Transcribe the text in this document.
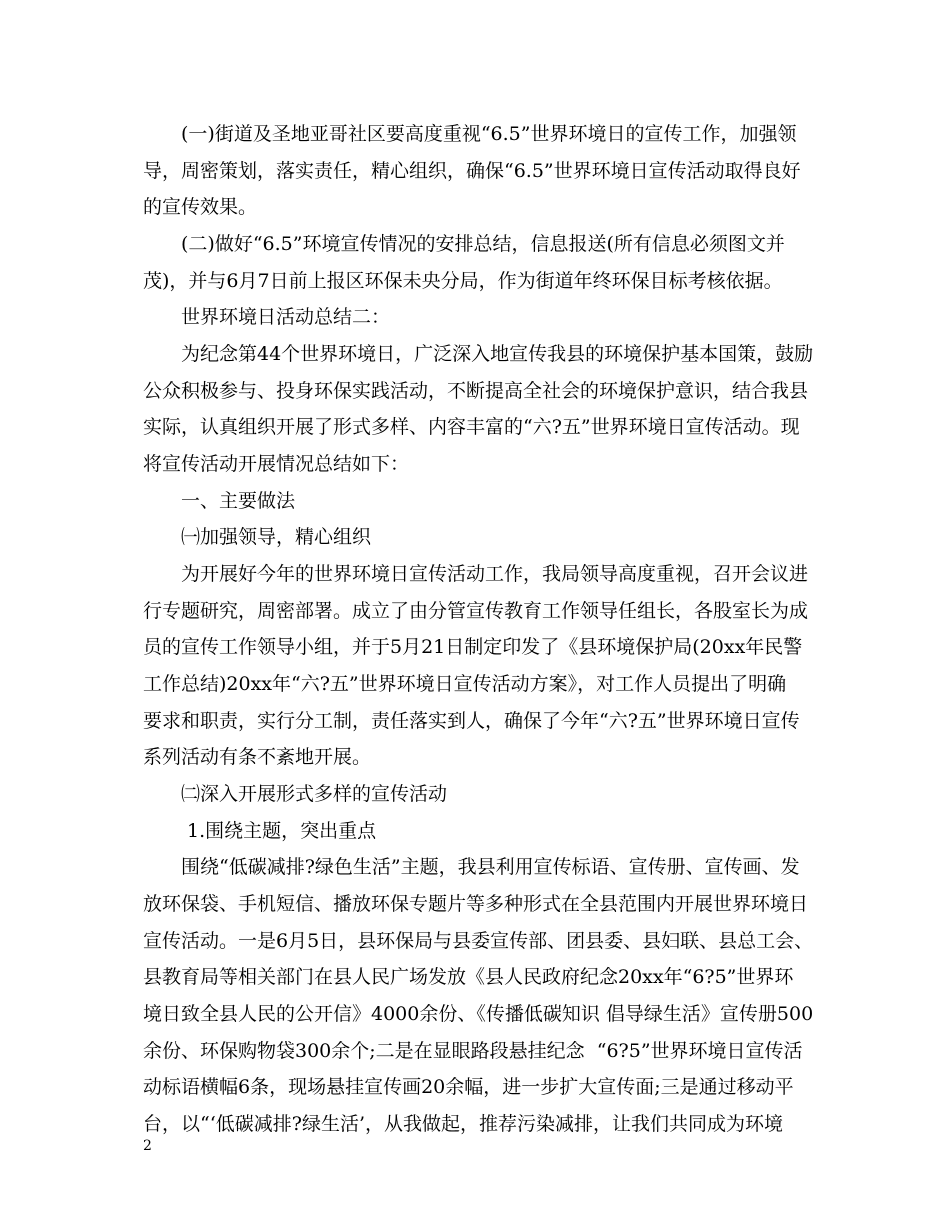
(一)街道及圣地亚哥社区要高度重视“6.5”世界环境日的宣传工作，加强领
导，周密策划，落实责任，精心组织，确保“6.5”世界环境日宣传活动取得良好
的宣传效果。
(二)做好“6.5”环境宣传情况的安排总结，信息报送(所有信息必须图文并
茂)，并与6月7日前上报区环保未央分局，作为街道年终环保目标考核依据。
世界环境日活动总结二：
为纪念第44个世界环境日，广泛深入地宣传我县的环境保护基本国策，鼓励
公众积极参与、投身环保实践活动，不断提高全社会的环境保护意识，结合我县
实际，认真组织开展了形式多样、内容丰富的“六?五”世界环境日宣传活动。现
将宣传活动开展情况总结如下：
一、主要做法
㈠加强领导，精心组织
为开展好今年的世界环境日宣传活动工作，我局领导高度重视，召开会议进
行专题研究，周密部署。成立了由分管宣传教育工作领导任组长，各股室长为成
员的宣传工作领导小组，并于5月21日制定印发了《县环境保护局(20xx年民警
工作总结)20xx年“六?五”世界环境日宣传活动方案》，对工作人员提出了明确
要求和职责，实行分工制，责任落实到人，确保了今年“六?五”世界环境日宣传
系列活动有条不紊地开展。
㈡深入开展形式多样的宣传活动
1.围绕主题，突出重点
围绕“低碳减排?绿色生活”主题，我县利用宣传标语、宣传册、宣传画、发
放环保袋、手机短信、播放环保专题片等多种形式在全县范围内开展世界环境日
宣传活动。一是6月5日，县环保局与县委宣传部、团县委、县妇联、县总工会、
县教育局等相关部门在县人民广场发放《县人民政府纪念20xx年“6?5”世界环
境日致全县人民的公开信》4000余份、《传播低碳知识 倡导绿生活》宣传册500
余份、环保购物袋300余个;二是在显眼路段悬挂纪念  “6?5”世界环境日宣传活
动标语横幅6条，现场悬挂宣传画20余幅，进一步扩大宣传面;三是通过移动平
台，以“‘低碳减排?绿生活’，从我做起，推荐污染减排，让我们共同成为环境
2
